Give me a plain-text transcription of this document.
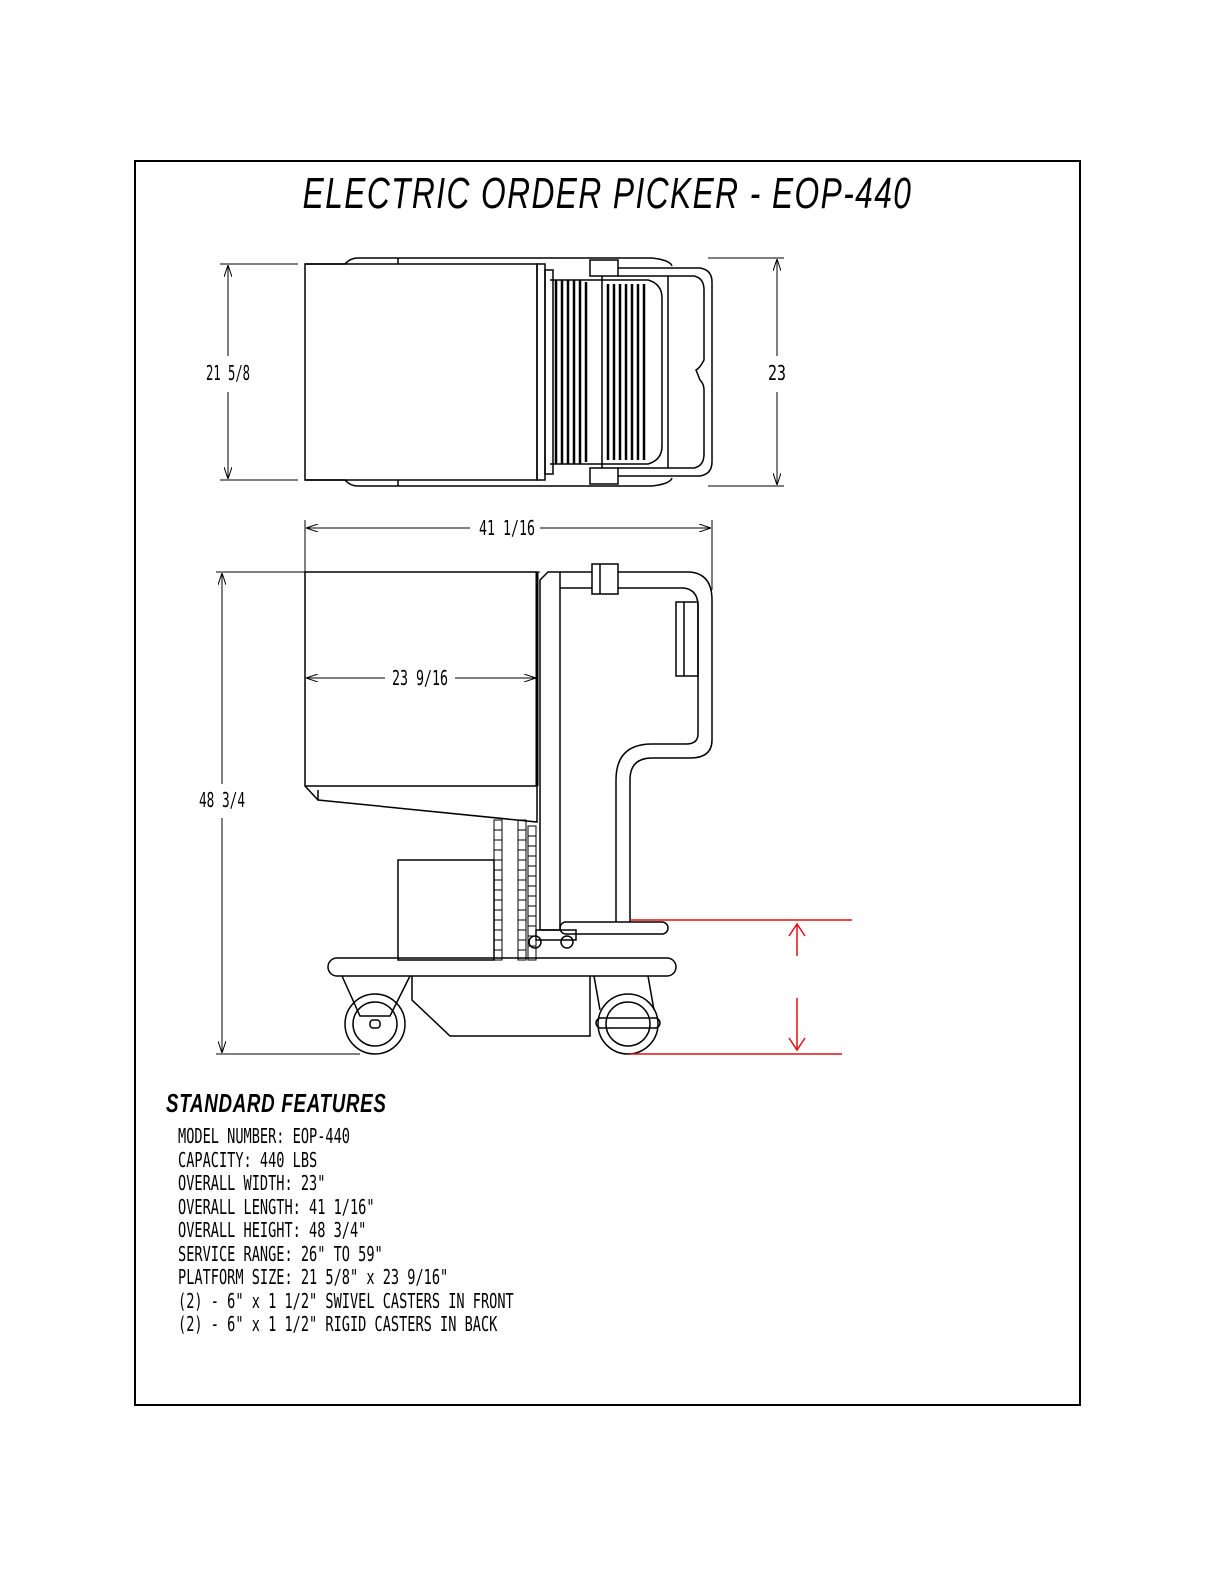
ELECTRIC ORDER PICKER - EOP-440
21 5/8	23
41 1/16
23 9/16
48 3/4
STANDARD FEATURES
MODEL NUMBER: EOP-440
CAPACITY: 440 LBS
OVERALL WIDTH: 23"
OVERALL LENGTH: 41 1/16"
OVERALL HEIGHT: 48 3/4"
SERVICE RANGE: 26" TO 59"
PLATFORM SIZE: 21 5/8" x 23 9/16"
(2) - 6" x 1 1/2" SWIVEL CASTERS IN FRONT
(2) - 6" x 1 1/2" RIGID CASTERS IN BACK
